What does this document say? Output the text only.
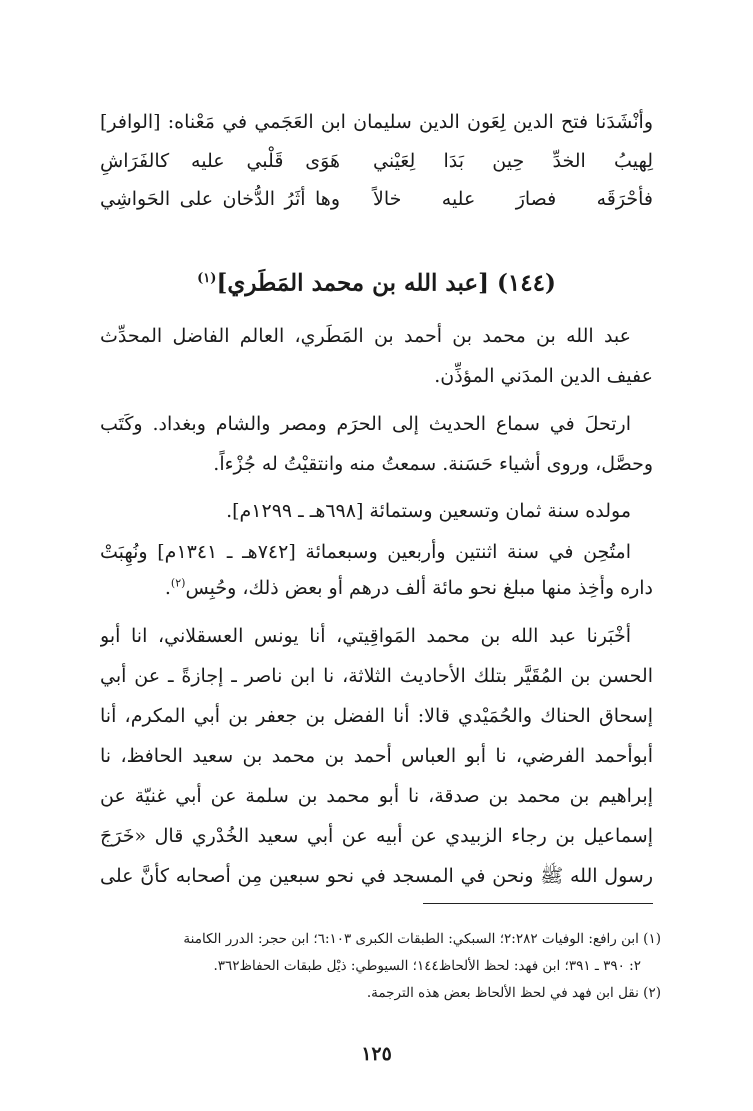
وأنْشَدَنا فتح الدين لِعَون الدين سليمان ابن العَجَمي في مَعْناه: [الوافر]
لِهيبُ الخدِّ حِين بَدَا لِعَيْني
هَوَى قَلْبي عليه كالفَرَاشِ
فأحْرَقَه فصارَ عليه خالاً
وها أثَرُ الدُّخان على الحَواشِي
(١٤٤) [عبد الله بن محمد المَطَري]$^{(١)}$
عبد الله بن محمد بن أحمد بن المَطَري، العالم الفاضل المحدِّث
عفيف الدين المدَني المؤذِّن.
ارتحلَ في سماع الحديث إلى الحرَم ومصر والشام وبغداد. وكَتَب
وحصَّل، وروى أشياء حَسَنة. سمعتُ منه وانتقيْتُ له جُزْءاً.
مولده سنة ثمان وتسعين وستمائة [٦٩٨هـ ـ ١٢٩٩م].
امتُحِن في سنة اثنتين وأربعين وسبعمائة [٧٤٢هـ ـ ١٣٤١م] ونُهِبَتْ
داره وأُخِذ منها مبلغ نحو مائة ألف درهم أو بعض ذلك، وحُبِس$^{(٢)}$.
أخْبَرنا عبد الله بن محمد المَواقِيتي، أنا يونس العسقلاني، انا أبو
الحسن بن المُقَيَّر بتلك الأحاديث الثلاثة، نا ابن ناصر ـ إجازةً ـ عن أبي
إسحاق الحناك والحُمَيْدي قالا: أنا الفضل بن جعفر بن أبي المكرم، أنا
أبوأحمد الفرضي، نا أبو العباس أحمد بن محمد بن سعيد الحافظ، نا
إبراهيم بن محمد بن صدقة، نا أبو محمد بن سلمة عن أبي غنيّة عن
إسماعيل بن رجاء الزبيدي عن أبيه عن أبي سعيد الخُدْري قال «خَرَجَ
رسول الله ﷺ ونحن في المسجد في نحو سبعين مِن أصحابه كأنَّ على
(١) ابن رافع: الوفيات ٢:٢٨٢؛ السبكي: الطبقات الكبرى ٦:١٠٣؛ ابن حجر: الدرر الكامنة
٢: ٣٩٠ ـ ٣٩١؛ ابن فهد: لحظ الألحاظ١٤٤؛ السيوطي: ذيْل طبقات الحفاظ٣٦٢.
(٢) نقل ابن فهد في لحظ الألحاظ بعض هذه الترجمة.
١٢٥
